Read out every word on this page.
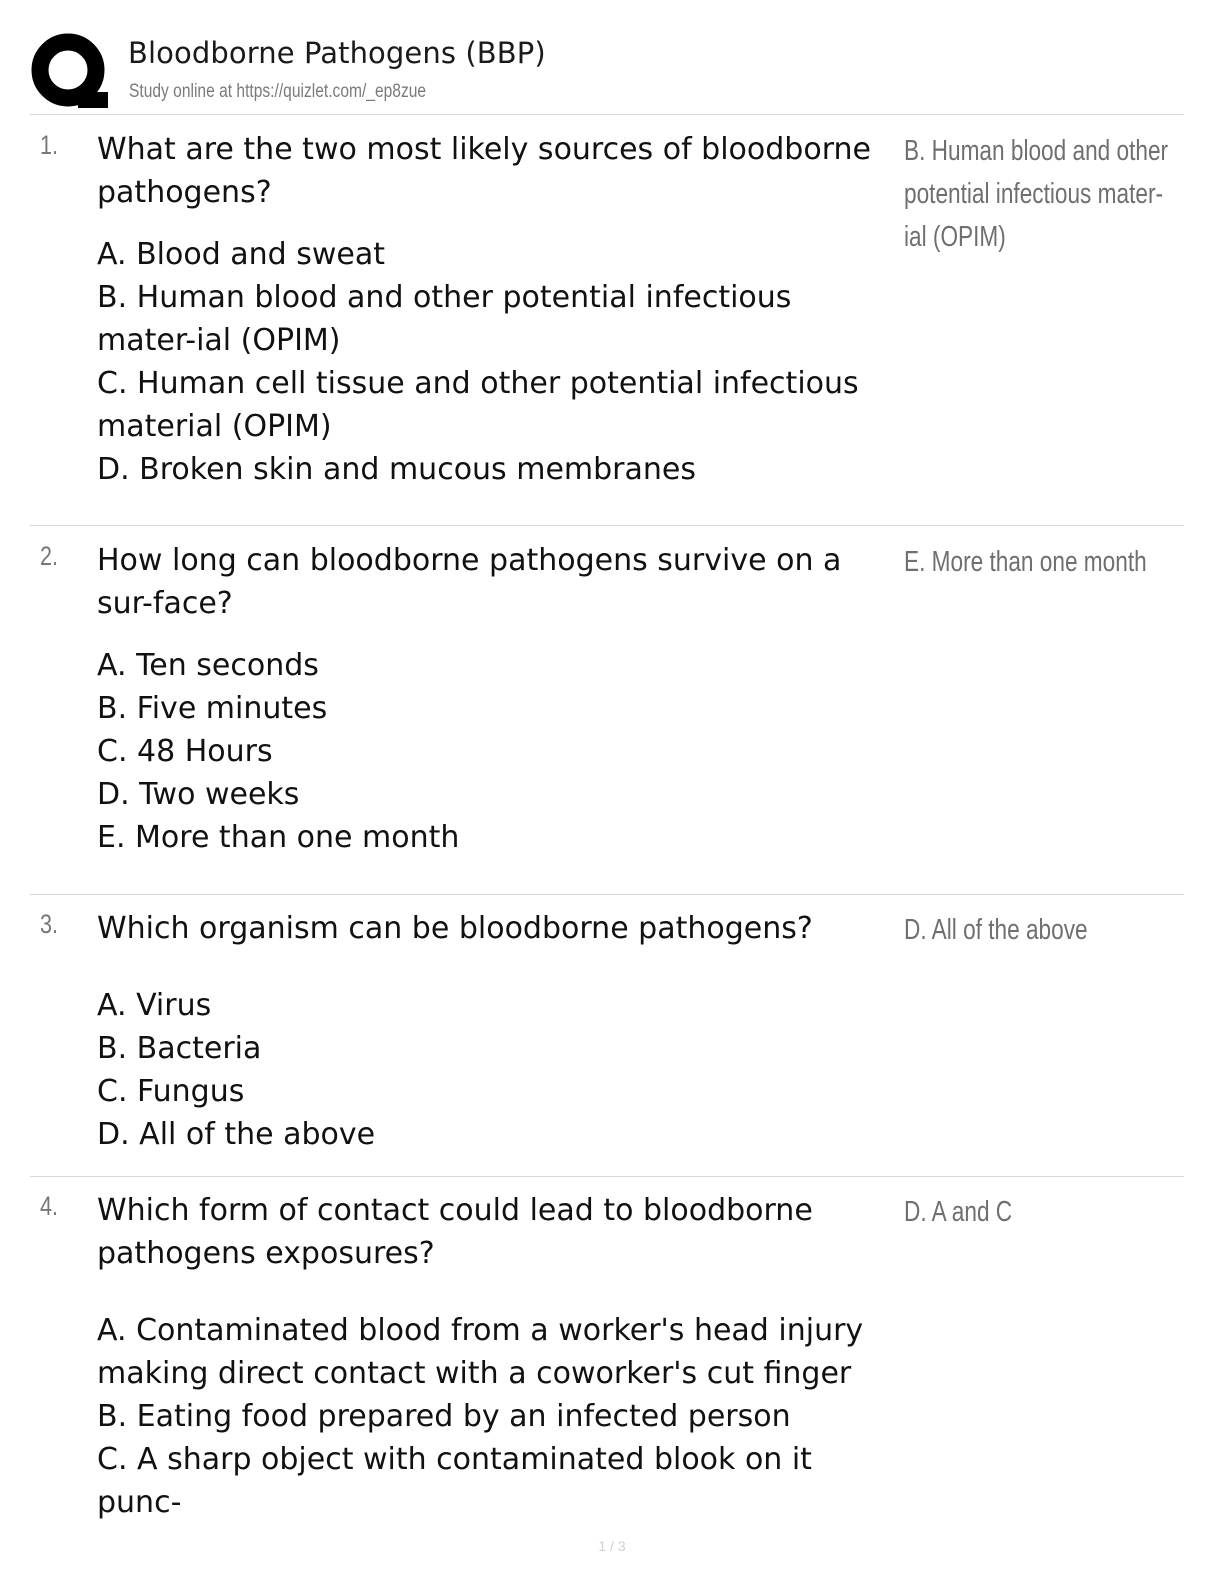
Bloodborne Pathogens (BBP)
Study online at https://quizlet.com/_ep8zue
1. What are the two most likely sources of bloodborne pathogens?
A. Blood and sweat
B. Human blood and other potential infectious mater-ial (OPIM)
C. Human cell tissue and other potential infectious material (OPIM)
D. Broken skin and mucous membranes
B. Human blood and other potential infectious mater-ial (OPIM)
2. How long can bloodborne pathogens survive on a sur-face?
A. Ten seconds
B. Five minutes
C. 48 Hours
D. Two weeks
E. More than one month
E. More than one month
3. Which organism can be bloodborne pathogens?
A. Virus
B. Bacteria
C. Fungus
D. All of the above
D. All of the above
4. Which form of contact could lead to bloodborne pathogens exposures?
A. Contaminated blood from a worker's head injury making direct contact with a coworker's cut finger
B. Eating food prepared by an infected person
C. A sharp object with contaminated blook on it punc-
D. A and C
1 / 3
